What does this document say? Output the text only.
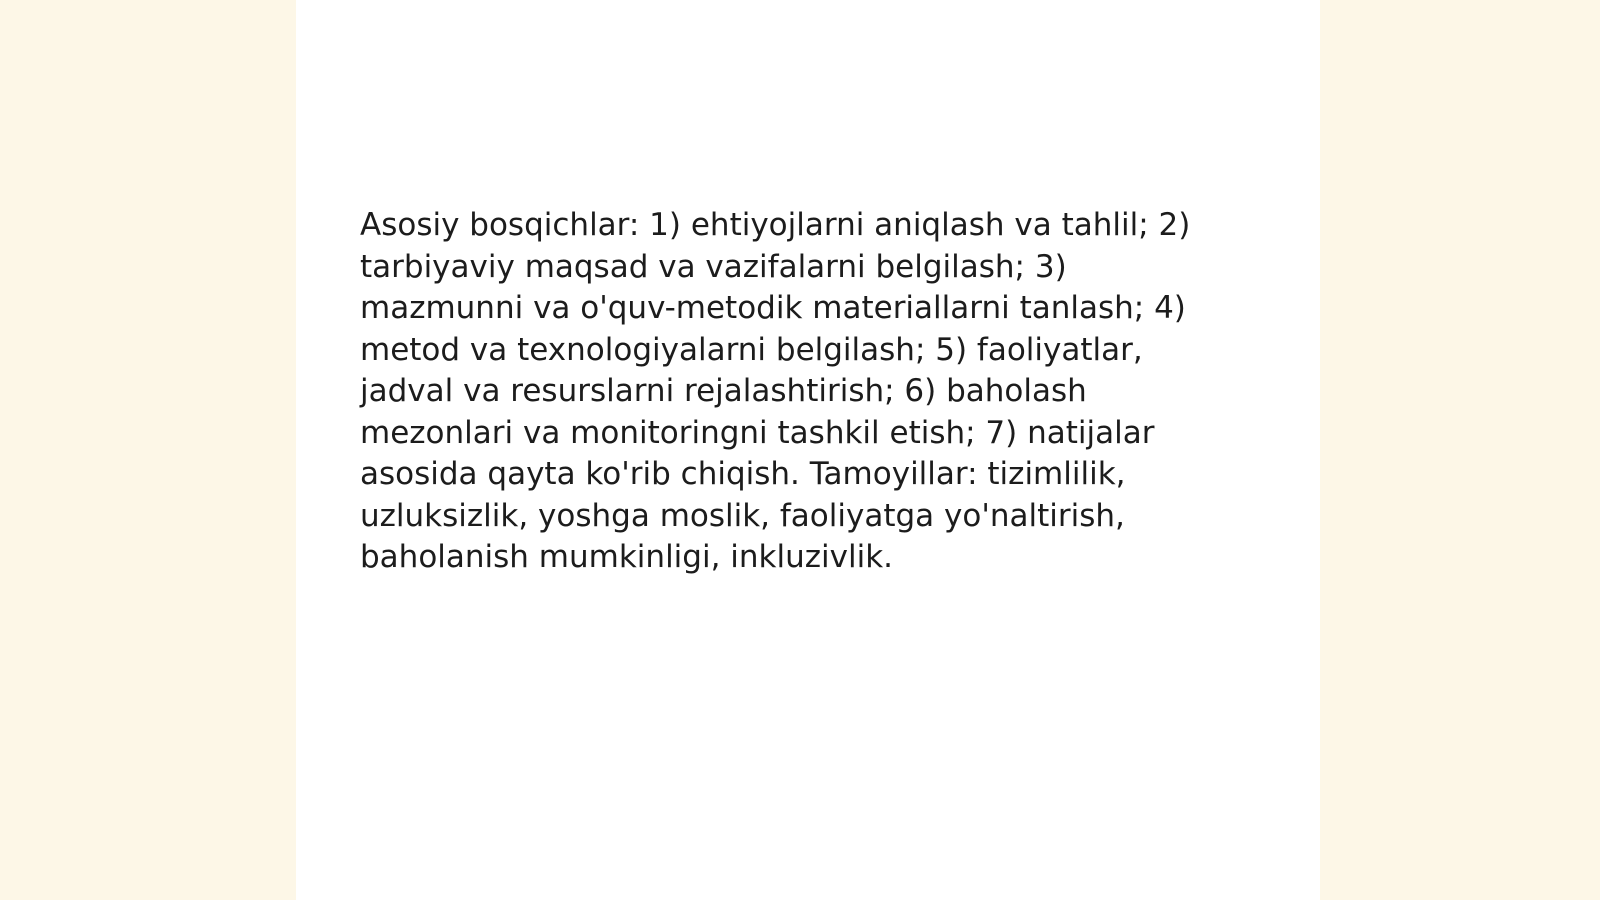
Asosiy bosqichlar: 1) ehtiyojlarni aniqlash va tahlil; 2) tarbiyaviy maqsad va vazifalarni belgilash; 3) mazmunni va o'quv-metodik materiallarni tanlash; 4) metod va texnologiyalarni belgilash; 5) faoliyatlar, jadval va resurslarni rejalashtirish; 6) baholash mezonlari va monitoringni tashkil etish; 7) natijalar asosida qayta ko'rib chiqish. Tamoyillar: tizimlilik, uzluksizlik, yoshga moslik, faoliyatga yo'naltirish, baholanish mumkinligi, inkluzivlik.
